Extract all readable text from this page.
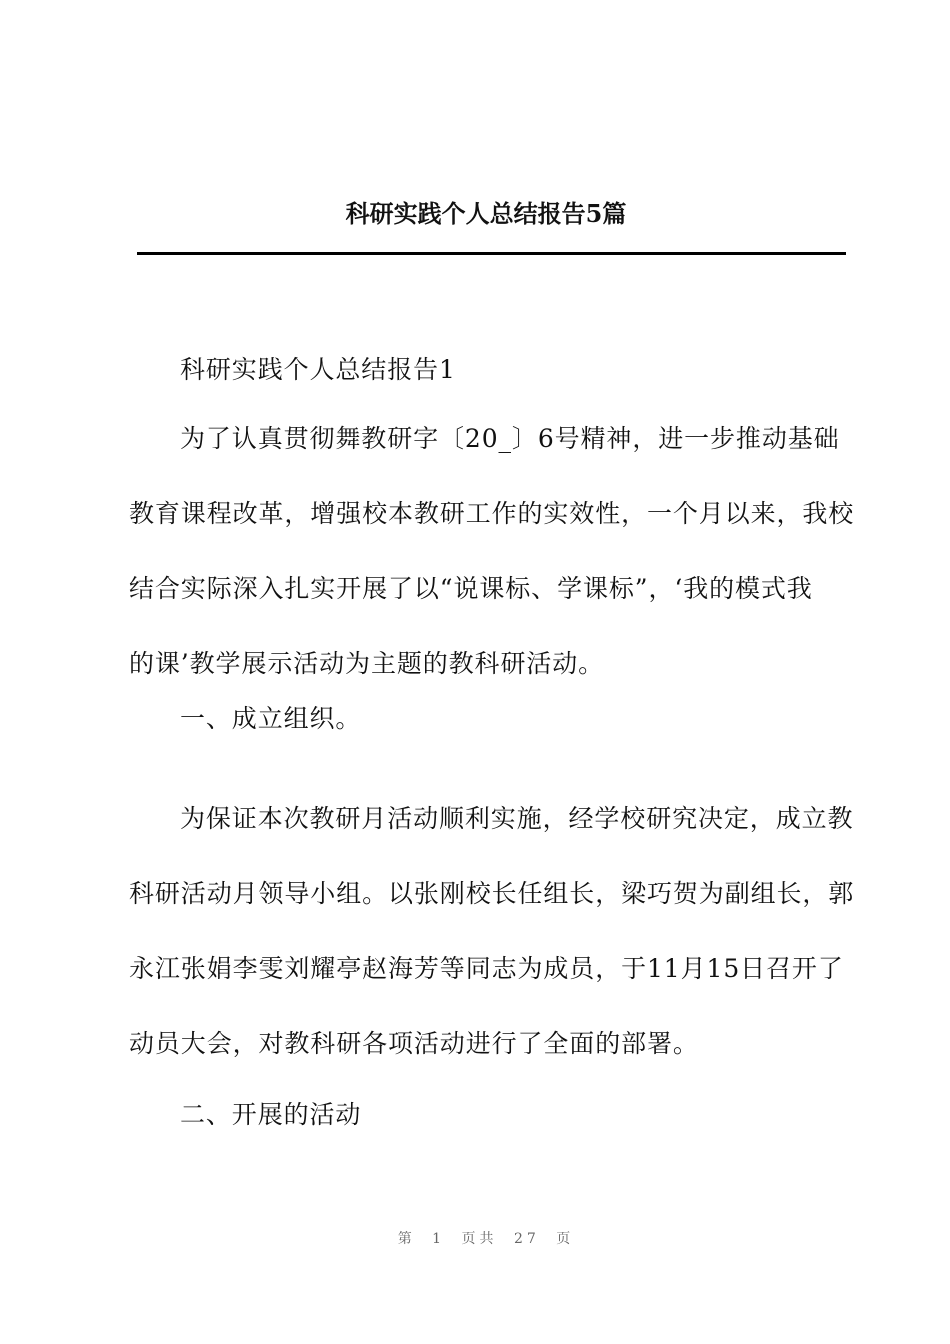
科研实践个人总结报告5篇
科研实践个人总结报告1
为了认真贯彻舞教研字〔20_〕6号精神，进一步推动基础
教育课程改革，增强校本教研工作的实效性，一个月以来，我校
结合实际深入扎实开展了以“说课标、学课标”，‘我的模式我
的课’教学展示活动为主题的教科研活动。
一、成立组织。
为保证本次教研月活动顺利实施，经学校研究决定，成立教
科研活动月领导小组。以张刚校长任组长，梁巧贺为副组长，郭
永江张娟李雯刘耀亭赵海芳等同志为成员，于11月15日召开了
动员大会，对教科研各项活动进行了全面的部署。
二、开展的活动
第 1 页共 27 页
